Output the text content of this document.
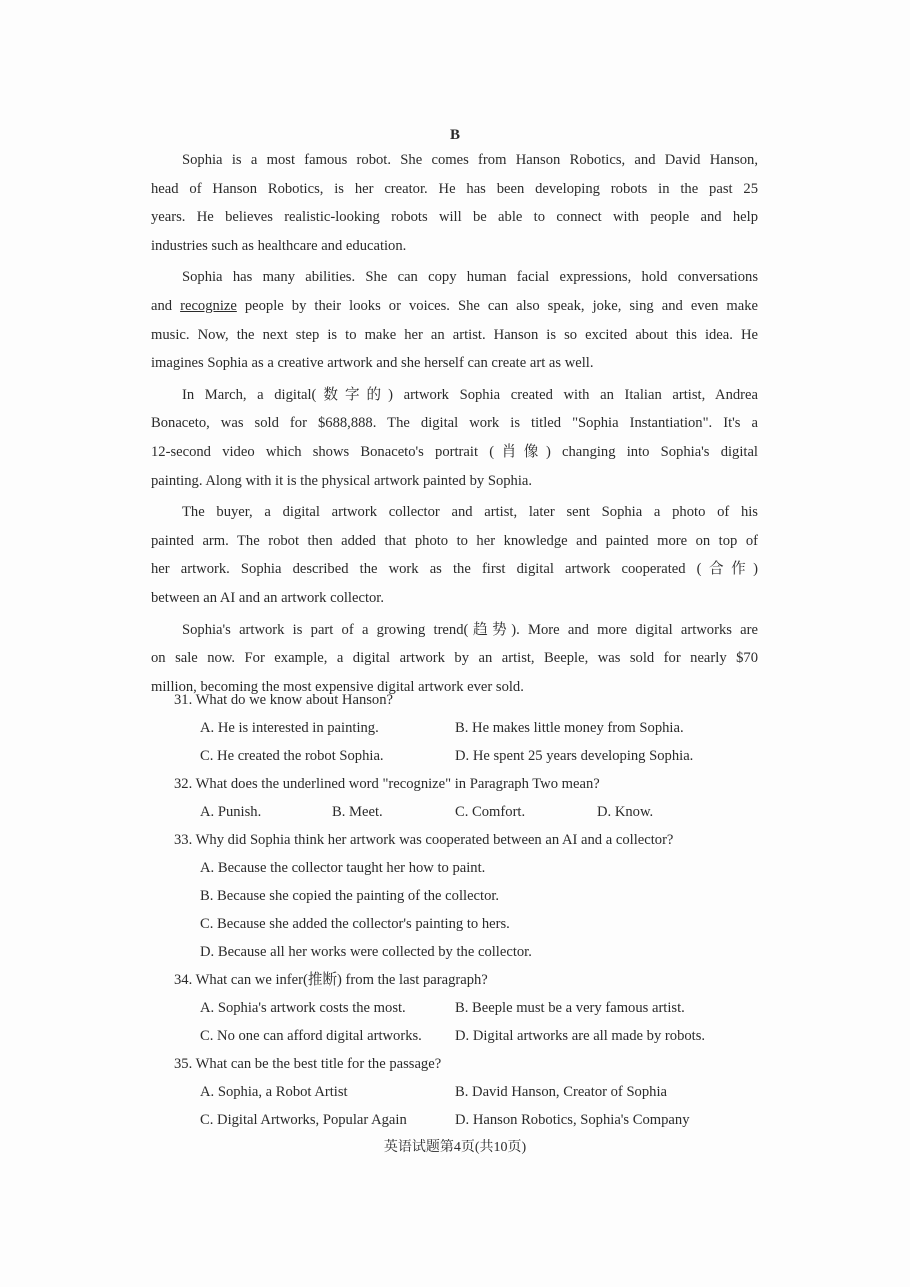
B
Sophia is a most famous robot. She comes from Hanson Robotics, and David Hanson,
head of Hanson Robotics, is her creator. He has been developing robots in the past 25
years. He believes realistic-looking robots will be able to connect with people and help
industries such as healthcare and education.
Sophia has many abilities. She can copy human facial expressions, hold conversations
and recognize people by their looks or voices. She can also speak, joke, sing and even make
music. Now, the next step is to make her an artist. Hanson is so excited about this idea. He
imagines Sophia as a creative artwork and she herself can create art as well.
In March, a digital(数字的) artwork Sophia created with an Italian artist, Andrea
Bonaceto, was sold for $688,888. The digital work is titled "Sophia Instantiation". It's a
12-second video which shows Bonaceto's portrait (肖像) changing into Sophia's digital
painting. Along with it is the physical artwork painted by Sophia.
The buyer, a digital artwork collector and artist, later sent Sophia a photo of his
painted arm. The robot then added that photo to her knowledge and painted more on top of
her artwork. Sophia described the work as the first digital artwork cooperated (合作)
between an AI and an artwork collector.
Sophia's artwork is part of a growing trend(趋势). More and more digital artworks are
on sale now. For example, a digital artwork by an artist, Beeple, was sold for nearly $70
million, becoming the most expensive digital artwork ever sold.
31. What do we know about Hanson?
A. He is interested in painting.	B. He makes little money from Sophia.
C. He created the robot Sophia.	D. He spent 25 years developing Sophia.
32. What does the underlined word "recognize" in Paragraph Two mean?
A. Punish.	B. Meet.	C. Comfort.	D. Know.
33. Why did Sophia think her artwork was cooperated between an AI and a collector?
A. Because the collector taught her how to paint.
B. Because she copied the painting of the collector.
C. Because she added the collector's painting to hers.
D. Because all her works were collected by the collector.
34. What can we infer(推断) from the last paragraph?
A. Sophia's artwork costs the most.	B. Beeple must be a very famous artist.
C. No one can afford digital artworks. D. Digital artworks are all made by robots.
35. What can be the best title for the passage?
A. Sophia, a Robot Artist	B. David Hanson, Creator of Sophia
C. Digital Artworks, Popular Again	D. Hanson Robotics, Sophia's Company
英语试题第4页(共10页)
